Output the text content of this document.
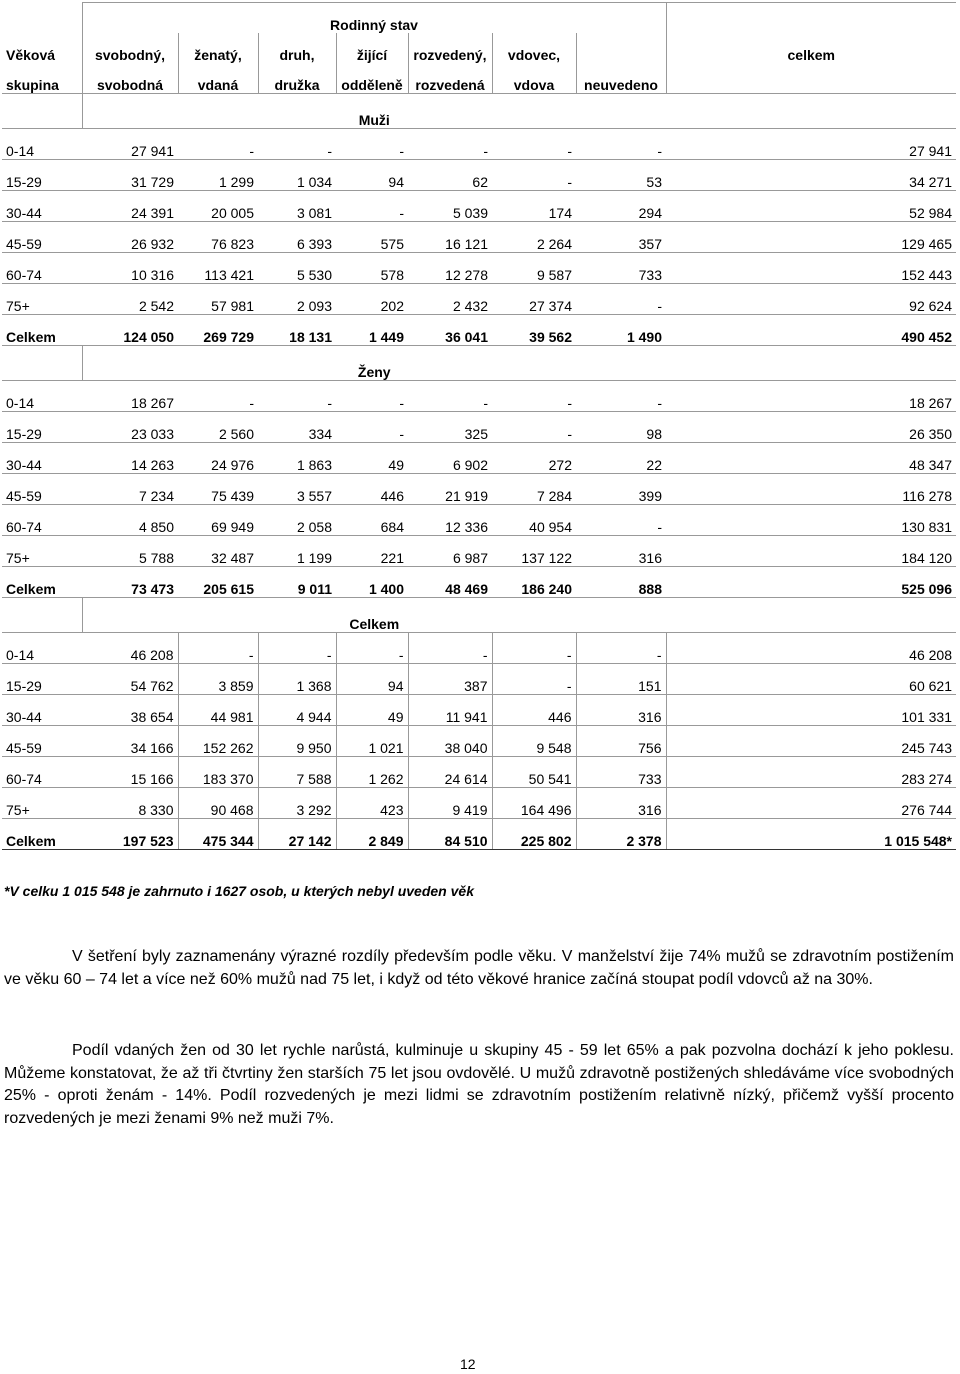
	Rodinný stav							
Věková	svobodný,	ženatý,	druh,	žijící	rozvedený,	vdovec,		celkem
skupina	svobodná	vdaná	družka	odděleně	rozvedená	vdova	neuvedeno	
	Muži							
0-14	27 941	-	-	-	-	-	-	27 941
15-29	31 729	1 299	1 034	94	62	-	53	34 271
30-44	24 391	20 005	3 081	-	5 039	174	294	52 984
45-59	26 932	76 823	6 393	575	16 121	2 264	357	129 465
60-74	10 316	113 421	5 530	578	12 278	9 587	733	152 443
75+	2 542	57 981	2 093	202	2 432	27 374	-	92 624
Celkem	124 050	269 729	18 131	1 449	36 041	39 562	1 490	490 452
	Ženy							
0-14	18 267	-	-	-	-	-	-	18 267
15-29	23 033	2 560	334	-	325	-	98	26 350
30-44	14 263	24 976	1 863	49	6 902	272	22	48 347
45-59	7 234	75 439	3 557	446	21 919	7 284	399	116 278
60-74	4 850	69 949	2 058	684	12 336	40 954	-	130 831
75+	5 788	32 487	1 199	221	6 987	137 122	316	184 120
Celkem	73 473	205 615	9 011	1 400	48 469	186 240	888	525 096
	Celkem							
0-14	46 208	-	-	-	-	-	-	46 208
15-29	54 762	3 859	1 368	94	387	-	151	60 621
30-44	38 654	44 981	4 944	49	11 941	446	316	101 331
45-59	34 166	152 262	9 950	1 021	38 040	9 548	756	245 743
60-74	15 166	183 370	7 588	1 262	24 614	50 541	733	283 274
75+	8 330	90 468	3 292	423	9 419	164 496	316	276 744
Celkem	197 523	475 344	27 142	2 849	84 510	225 802	2 378	1 015 548*
*V celku 1 015 548 je zahrnuto i 1627 osob, u kterých nebyl uveden věk

V šetření byly zaznamenány výrazné rozdíly především podle věku. V manželství žije 74% mužů se zdravotním postižením ve věku 60 – 74 let a více než 60% mužů nad 75 let, i když od této věkové hranice začíná stoupat podíl vdovců až na 30%.

Podíl vdaných žen od 30 let rychle narůstá, kulminuje u skupiny 45 - 59 let 65% a pak pozvolna dochází k jeho poklesu. Můžeme konstatovat, že až tři čtvrtiny žen starších 75 let jsou ovdovělé. U mužů zdravotně postižených shledáváme více svobodných 25% - oproti ženám - 14%. Podíl rozvedených je mezi lidmi se zdravotním postižením relativně nízký, přičemž vyšší procento rozvedených je mezi ženami 9% než muži 7%.

12
